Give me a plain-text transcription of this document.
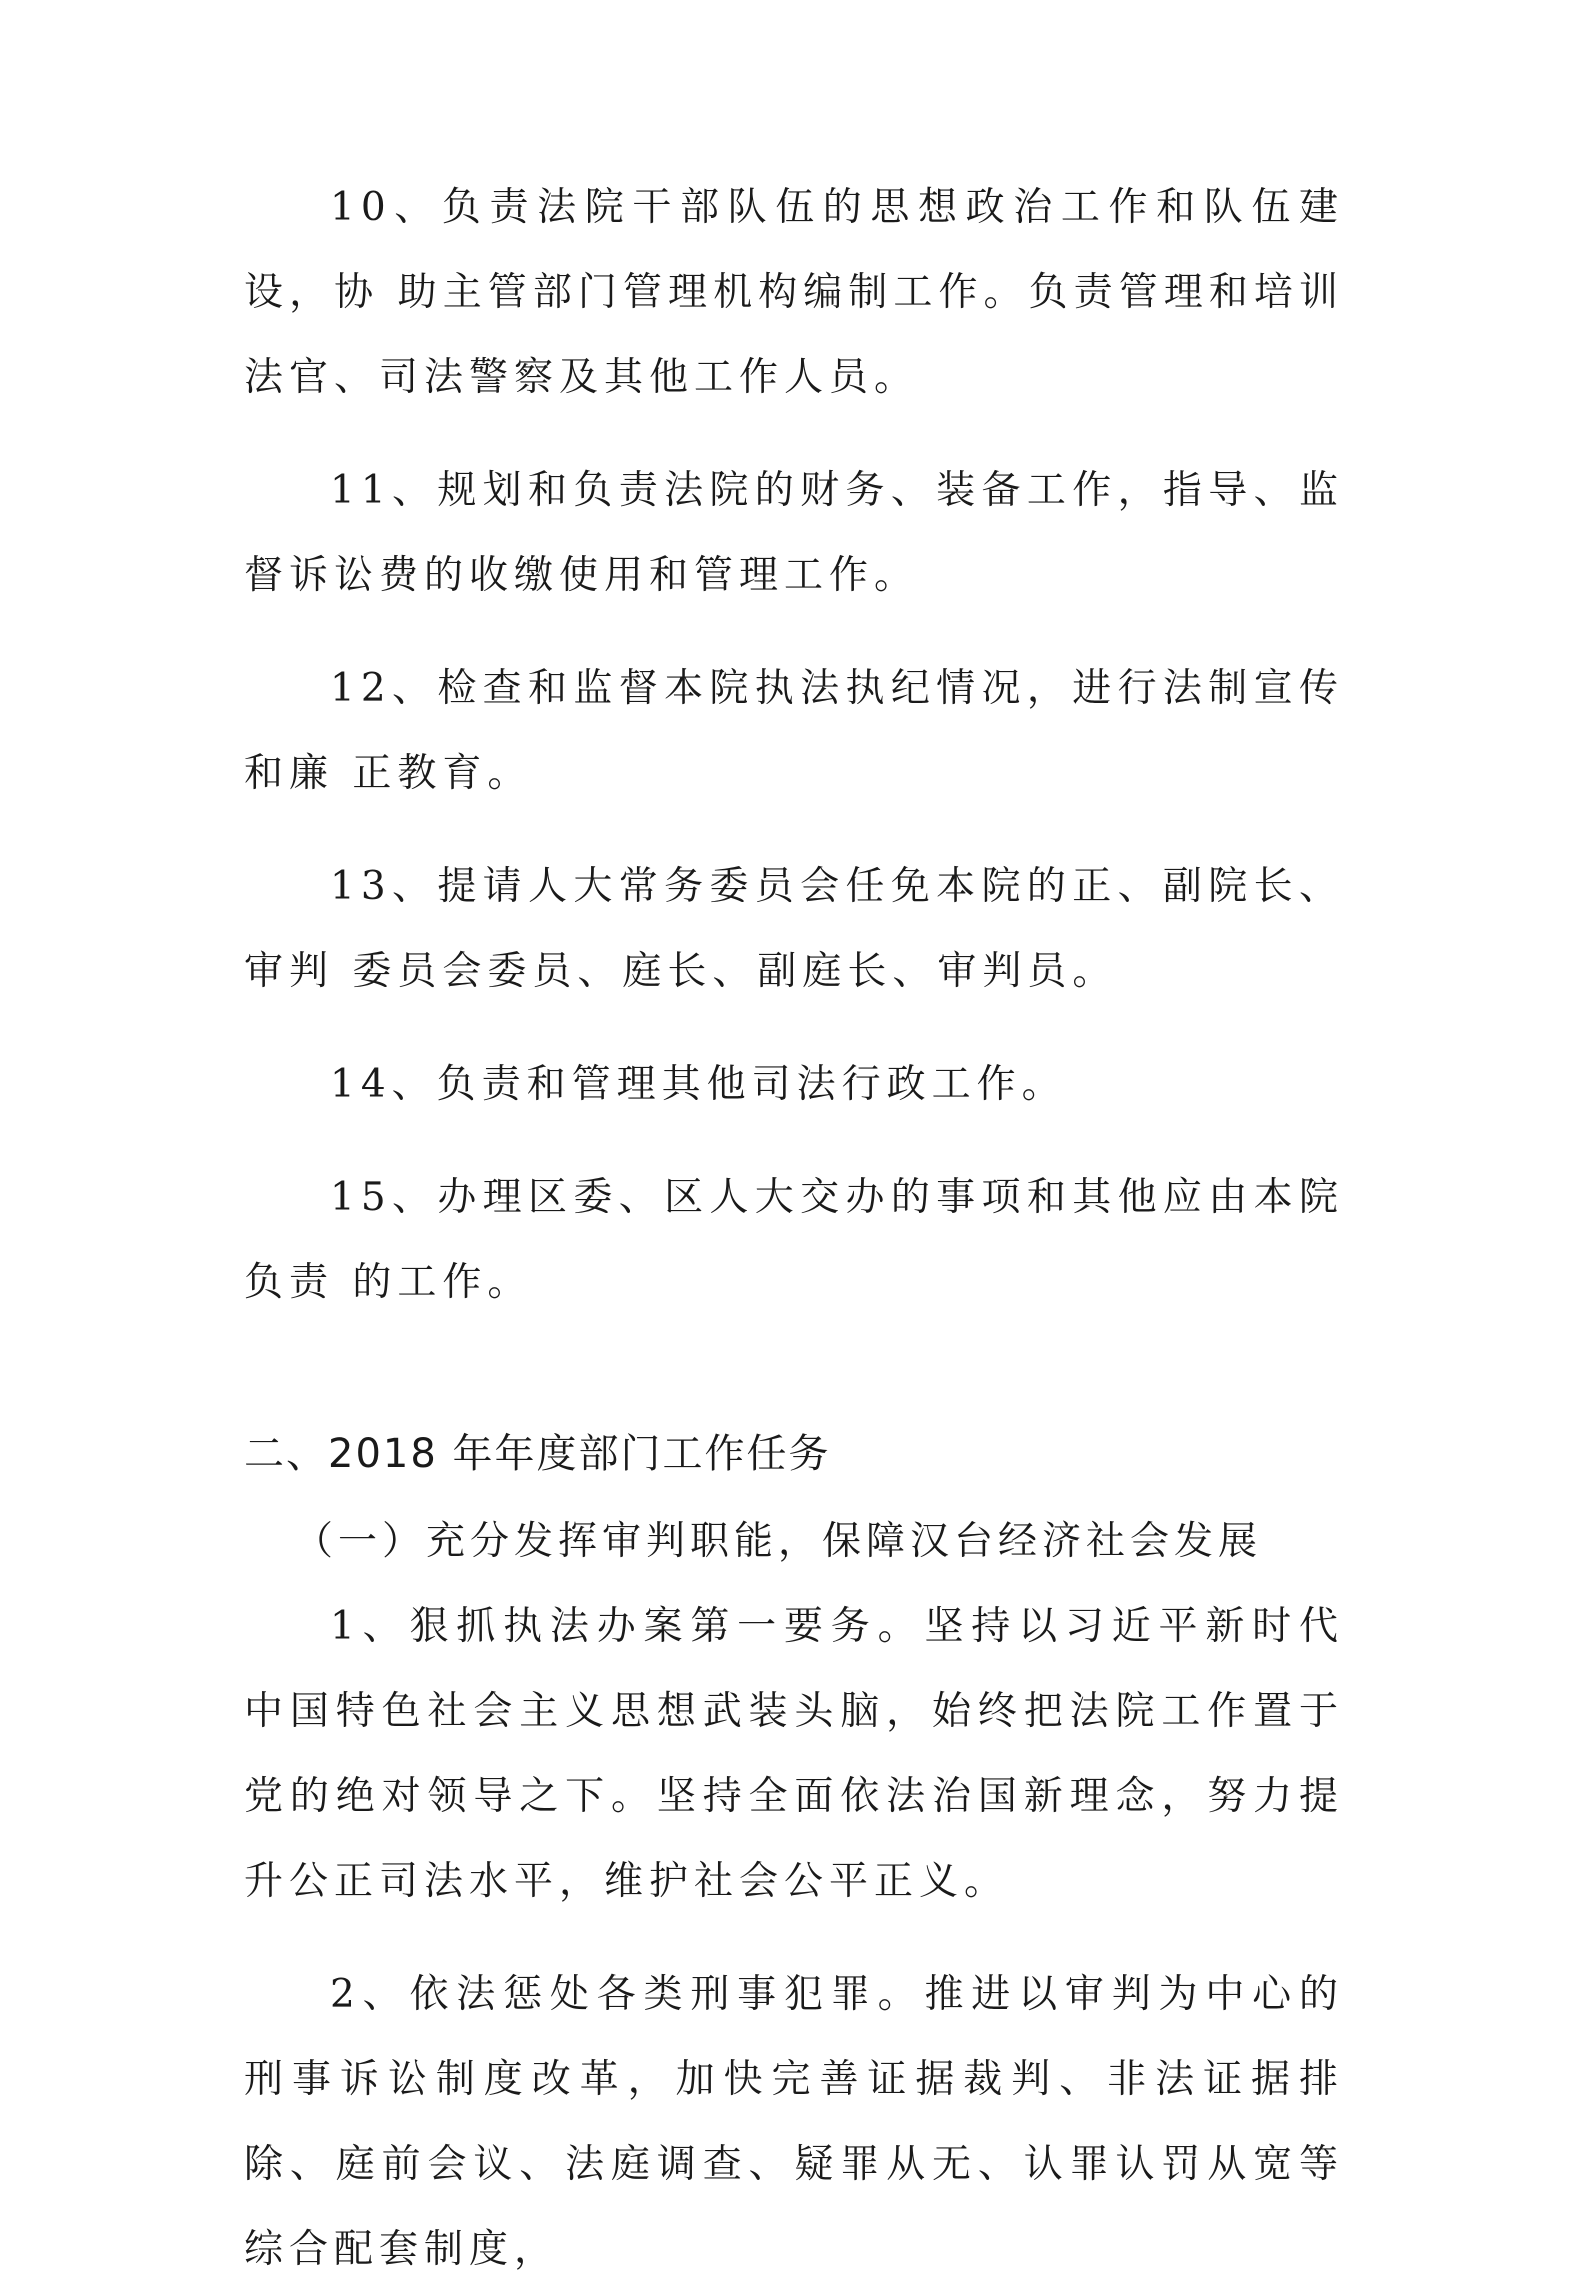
10、负责法院干部队伍的思想政治工作和队伍建设，协 助主管部门管理机构编制工作。负责管理和培训法官、司法警察及其他工作人员。

11、规划和负责法院的财务、装备工作，指导、监督诉讼费的收缴使用和管理工作。

12、检查和监督本院执法执纪情况，进行法制宣传和廉 正教育。

13、提请人大常务委员会任免本院的正、副院长、审判 委员会委员、庭长、副庭长、审判员。

14、负责和管理其他司法行政工作。

15、办理区委、区人大交办的事项和其他应由本院负责 的工作。

二、2018 年年度部门工作任务

（一）充分发挥审判职能，保障汉台经济社会发展

1、狠抓执法办案第一要务。坚持以习近平新时代中国特色社会主义思想武装头脑，始终把法院工作置于党的绝对领导之下。坚持全面依法治国新理念，努力提升公正司法水平，维护社会公平正义。

2、依法惩处各类刑事犯罪。推进以审判为中心的刑事诉讼制度改革，加快完善证据裁判、非法证据排除、庭前会议、法庭调查、疑罪从无、认罪认罚从宽等综合配套制度，
